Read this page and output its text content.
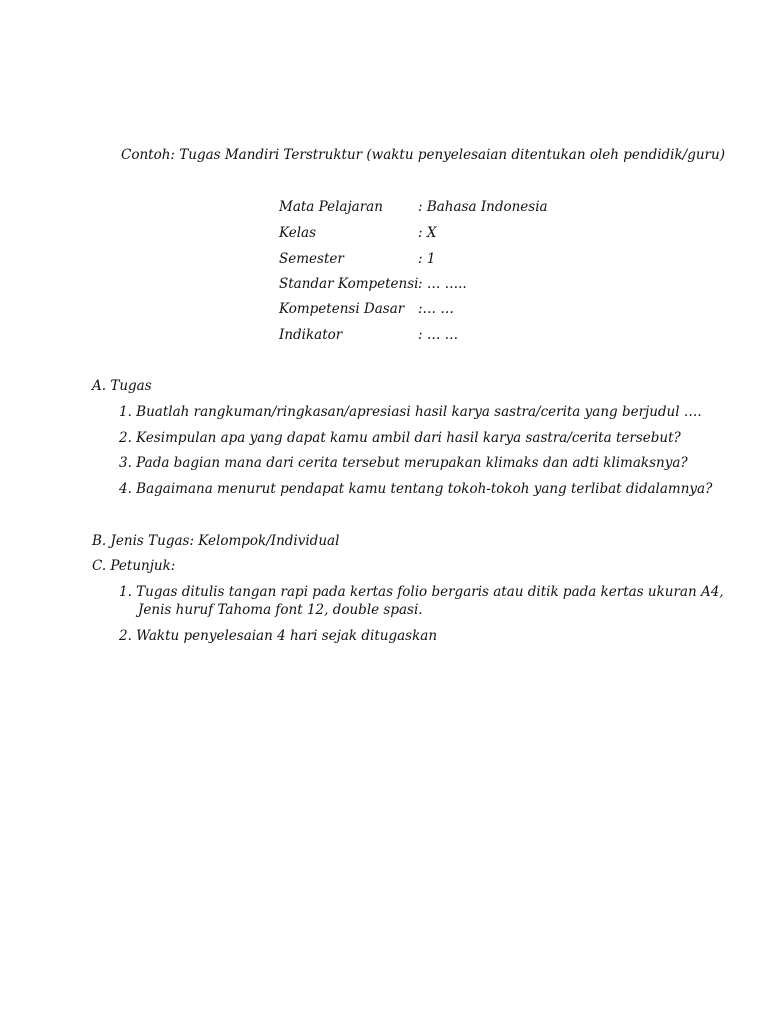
Contoh: Tugas Mandiri Terstruktur (waktu penyelesaian ditentukan oleh pendidik/guru)
Mata Pelajaran	: Bahasa Indonesia
Kelas	: X
Semester	: 1
Standar Kompetensi : … …..
Kompetensi Dasar :… …
Indikator	: … …
A. Tugas
1. Buatlah rangkuman/ringkasan/apresiasi hasil karya sastra/cerita yang berjudul ….
2. Kesimpulan apa yang dapat kamu ambil dari hasil karya sastra/cerita tersebut?
3. Pada bagian mana dari cerita tersebut merupakan klimaks dan adti klimaksnya?
4. Bagaimana menurut pendapat kamu tentang tokoh-tokoh yang terlibat didalamnya?
B. Jenis Tugas: Kelompok/Individual
C. Petunjuk:
1. Tugas ditulis tangan rapi pada kertas folio bergaris atau ditik pada kertas ukuran A4,
Jenis huruf Tahoma font 12, double spasi.
2. Waktu penyelesaian 4 hari sejak ditugaskan
